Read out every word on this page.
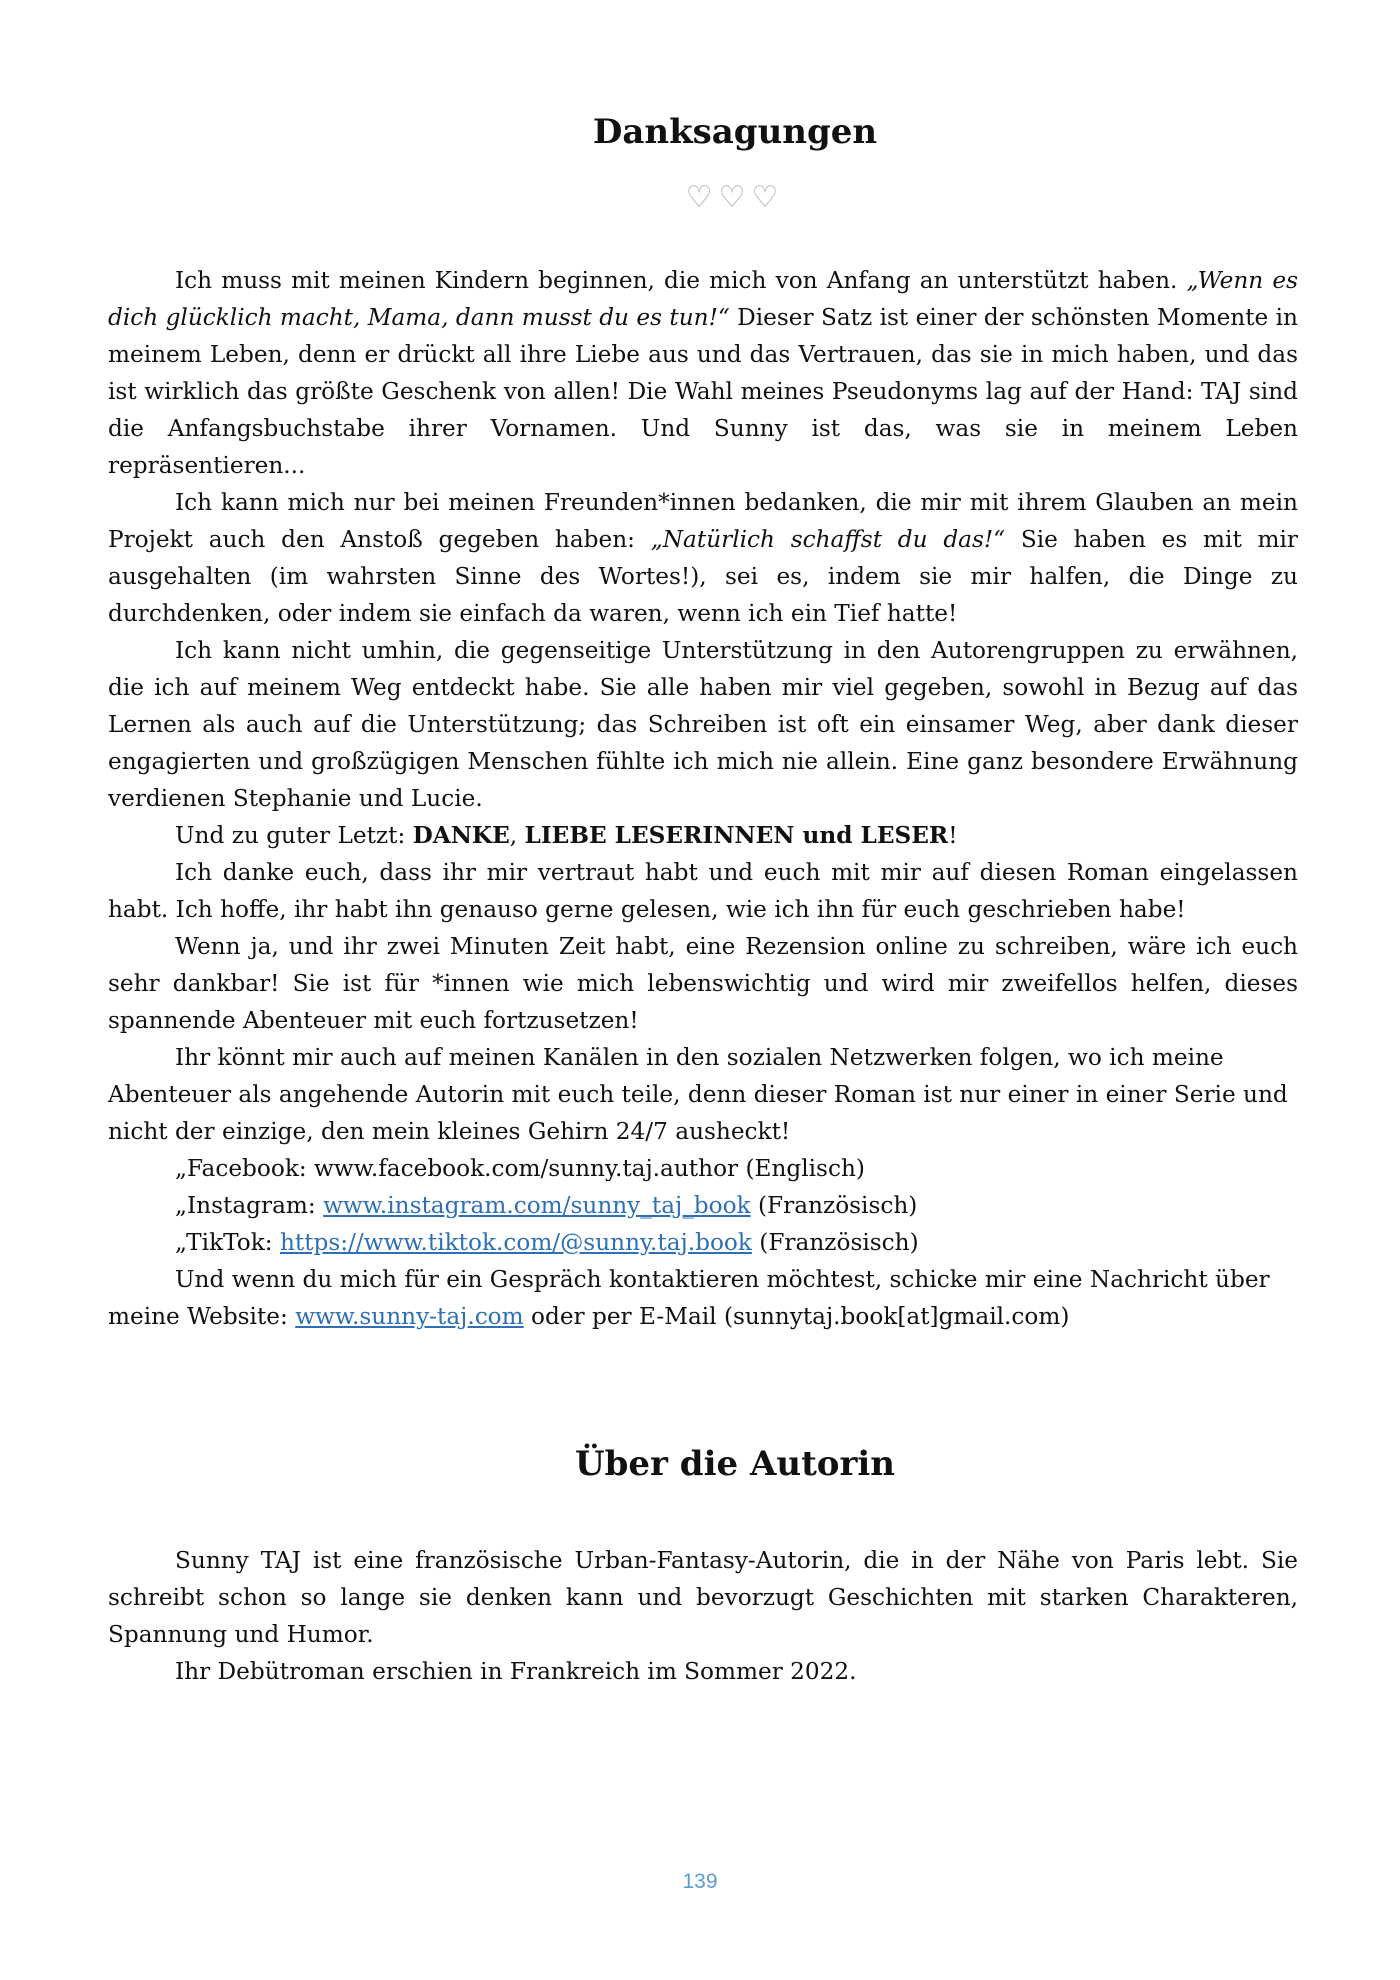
Danksagungen
♡♡♡

Ich muss mit meinen Kindern beginnen, die mich von Anfang an unterstützt haben. „Wenn es dich glücklich macht, Mama, dann musst du es tun!“ Dieser Satz ist einer der schönsten Momente in meinem Leben, denn er drückt all ihre Liebe aus und das Vertrauen, das sie in mich haben, und das ist wirklich das größte Geschenk von allen! Die Wahl meines Pseudonyms lag auf der Hand: TAJ sind die Anfangsbuchstabe ihrer Vornamen. Und Sunny ist das, was sie in meinem Leben repräsentieren...

Ich kann mich nur bei meinen Freunden*innen bedanken, die mir mit ihrem Glauben an mein Projekt auch den Anstoß gegeben haben: „Natürlich schaffst du das!“ Sie haben es mit mir ausgehalten (im wahrsten Sinne des Wortes!), sei es, indem sie mir halfen, die Dinge zu durchdenken, oder indem sie einfach da waren, wenn ich ein Tief hatte!

Ich kann nicht umhin, die gegenseitige Unterstützung in den Autorengruppen zu erwähnen, die ich auf meinem Weg entdeckt habe. Sie alle haben mir viel gegeben, sowohl in Bezug auf das Lernen als auch auf die Unterstützung; das Schreiben ist oft ein einsamer Weg, aber dank dieser engagierten und großzügigen Menschen fühlte ich mich nie allein. Eine ganz besondere Erwähnung verdienen Stephanie und Lucie.

Und zu guter Letzt: DANKE, LIEBE LESERINNEN und LESER!

Ich danke euch, dass ihr mir vertraut habt und euch mit mir auf diesen Roman eingelassen habt. Ich hoffe, ihr habt ihn genauso gerne gelesen, wie ich ihn für euch geschrieben habe!

Wenn ja, und ihr zwei Minuten Zeit habt, eine Rezension online zu schreiben, wäre ich euch sehr dankbar! Sie ist für *innen wie mich lebenswichtig und wird mir zweifellos helfen, dieses spannende Abenteuer mit euch fortzusetzen!

Ihr könnt mir auch auf meinen Kanälen in den sozialen Netzwerken folgen, wo ich meine Abenteuer als angehende Autorin mit euch teile, denn dieser Roman ist nur einer in einer Serie und nicht der einzige, den mein kleines Gehirn 24/7 ausheckt!

„Facebook: www.facebook.com/sunny.taj.author (Englisch)

„Instagram: www.instagram.com/sunny_taj_book (Französisch)

„TikTok: https://www.tiktok.com/@sunny.taj.book (Französisch)

Und wenn du mich für ein Gespräch kontaktieren möchtest, schicke mir eine Nachricht über meine Website: www.sunny-taj.com oder per E-Mail (sunnytaj.book[at]gmail.com)

Über die Autorin

Sunny TAJ ist eine französische Urban-Fantasy-Autorin, die in der Nähe von Paris lebt. Sie schreibt schon so lange sie denken kann und bevorzugt Geschichten mit starken Charakteren, Spannung und Humor.

Ihr Debütroman erschien in Frankreich im Sommer 2022.

139
